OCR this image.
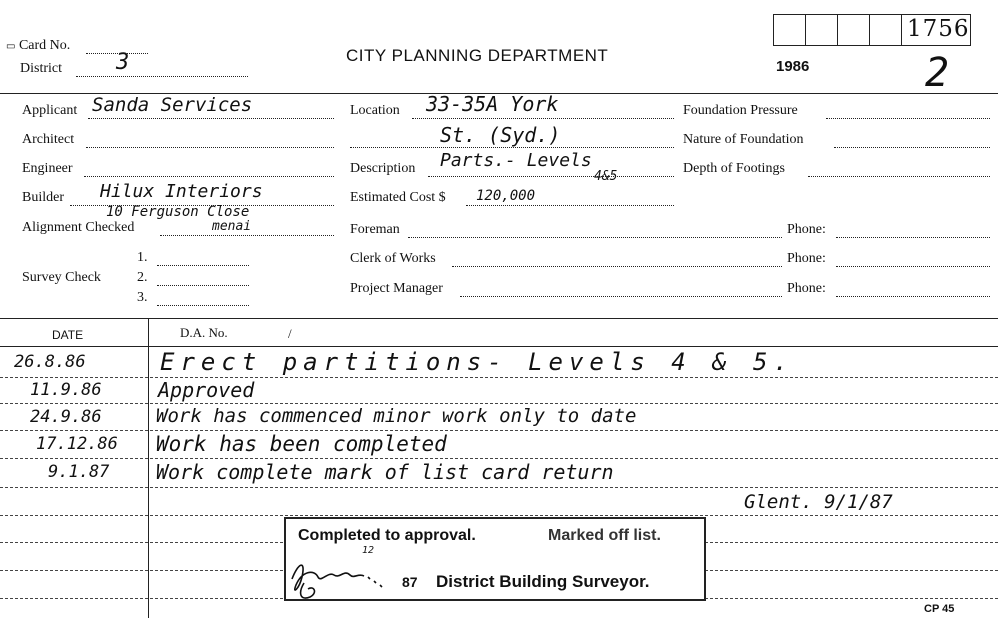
▭ Card No.
District 3	CITY PLANNING DEPARTMENT
1756
1986	2
Applicant Sanda Services
Architect
Engineer
Builder Hilux Interiors
10 Ferguson Close
Alignment Checked	menai
Survey Check
1.
2.
3.
Location 33-35A York
St. (Syd.)
Description Parts.- Levels
4&5
Estimated Cost $ 120,000
Foreman
Clerk of Works
Project Manager
Foundation Pressure
Nature of Foundation
Depth of Footings
Phone:
Phone:
Phone:
DATE	D.A. No.	/
26.8.86	Erect partitions- Levels 4 & 5.
11.9.86	Approved
24.9.86	Work has commenced minor work only to date
17.12.86 Work has been completed
9.1.87 Work complete mark of list card return
Glent. 9/1/87
Completed to approval.	Marked off list.
12
87 District Building Surveyor.
CP 45
